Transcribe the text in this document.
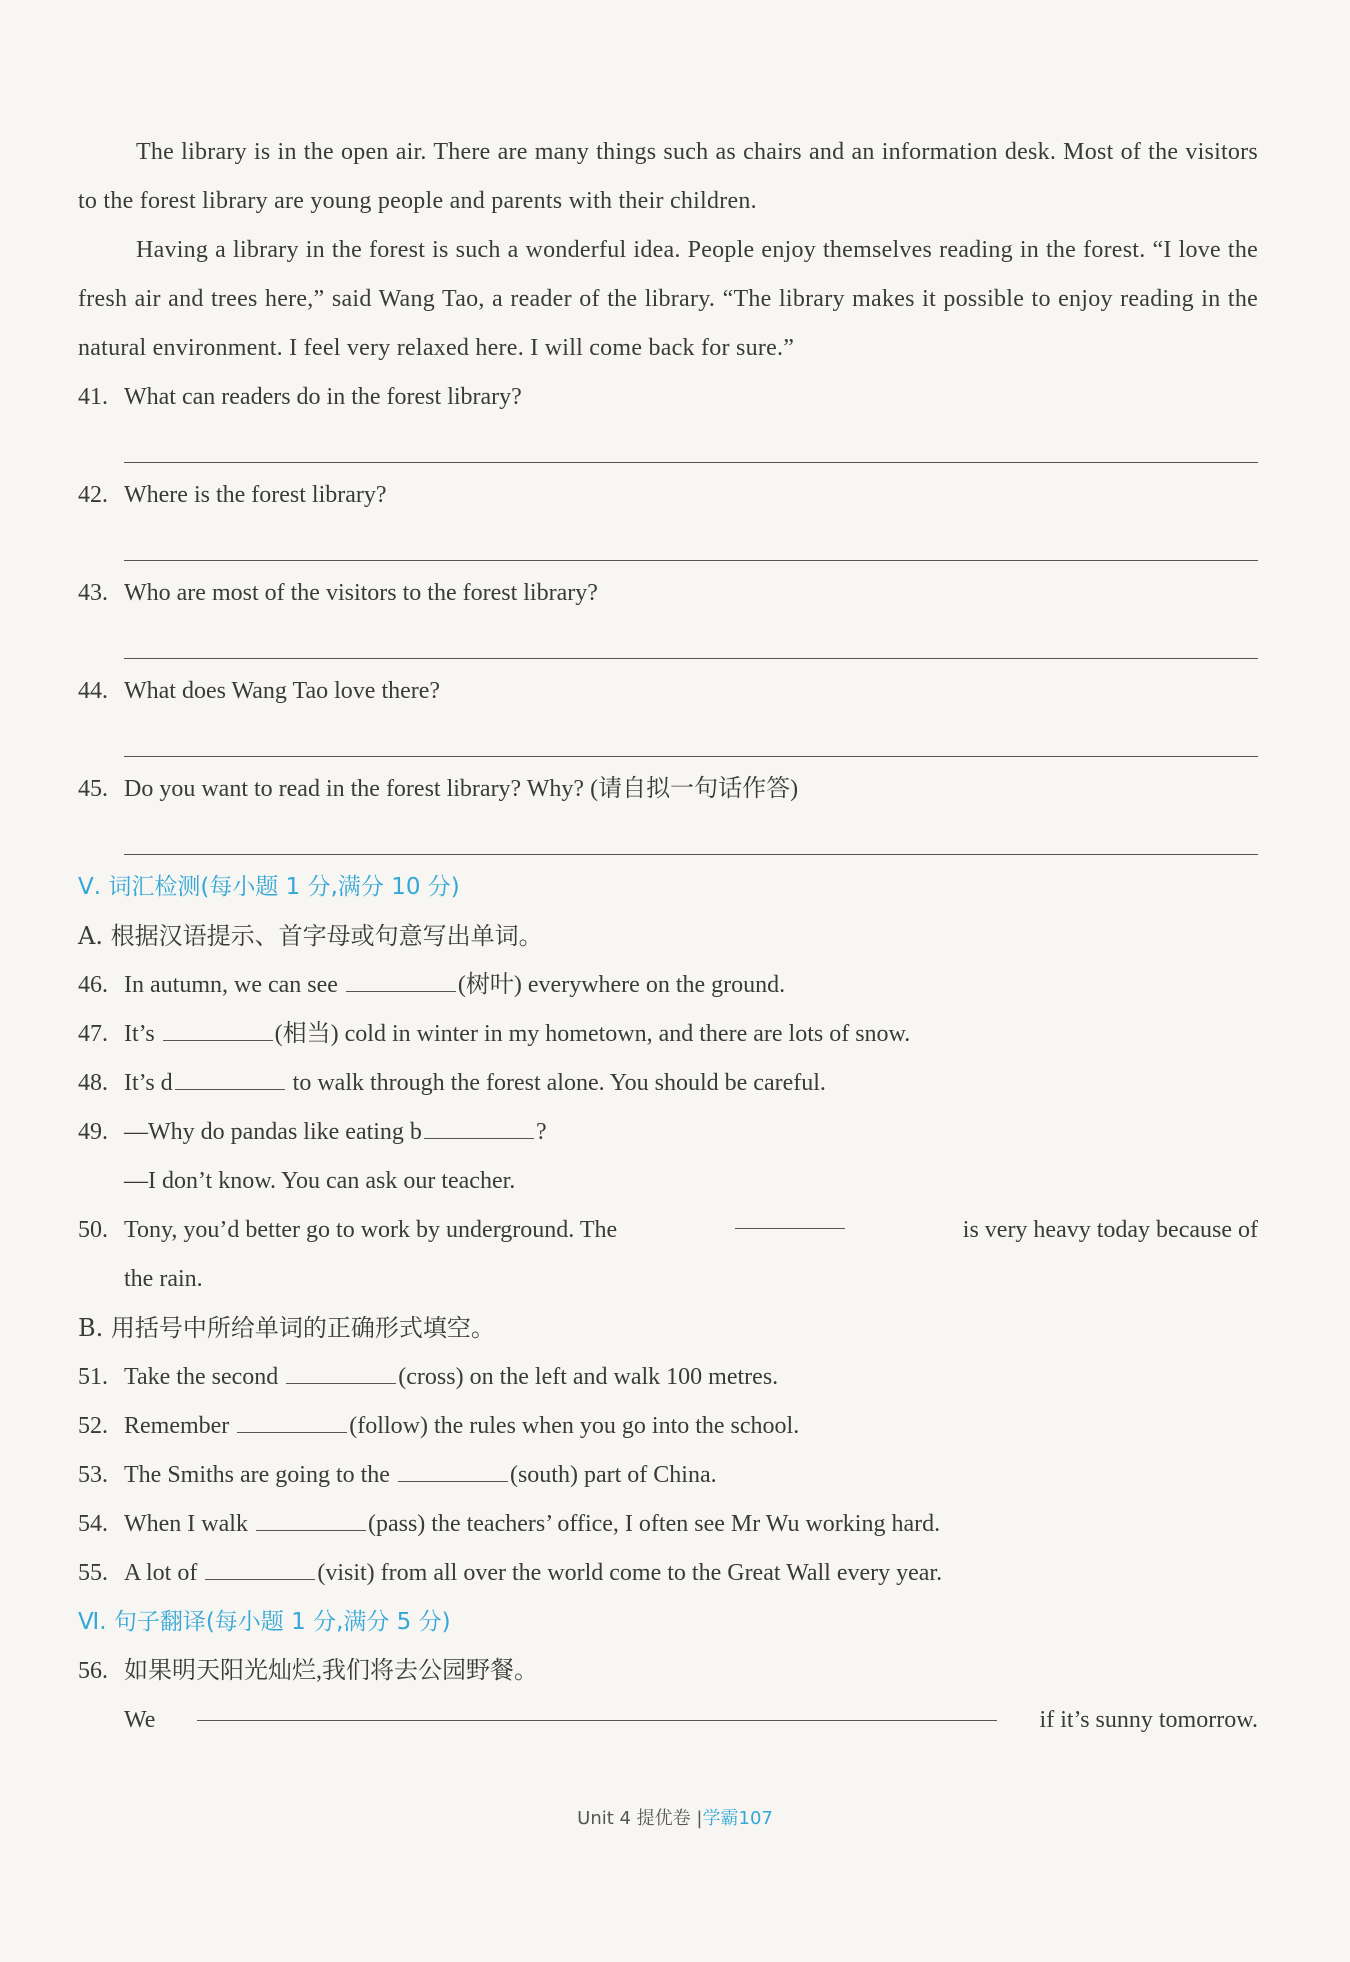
The library is in the open air. There are many things such as chairs and an information desk. Most of the visitors to the forest library are young people and parents with their children.

Having a library in the forest is such a wonderful idea. People enjoy themselves reading in the forest. “I love the fresh air and trees here,” said Wang Tao, a reader of the library. “The library makes it possible to enjoy reading in the natural environment. I feel very relaxed here. I will come back for sure.”

41. What can readers do in the forest library?

42. Where is the forest library?

43. Who are most of the visitors to the forest library?

44. What does Wang Tao love there?

45. Do you want to read in the forest library? Why? (请自拟一句话作答)

Ⅴ. 词汇检测(每小题 1 分,满分 10 分)

A. 根据汉语提示、首字母或句意写出单词。

46. In autumn, we can see	(树叶) everywhere on the ground.

47. It’s	(相当) cold in winter in my hometown, and there are lots of snow.

48. It’s d	to walk through the forest alone. You should be careful.

49. —Why do pandas like eating b	?

—I don’t know. You can ask our teacher.

50. Tony, you’d better go to work by underground. The	is very heavy today because of

the rain.

B. 用括号中所给单词的正确形式填空。

51. Take the second	(cross) on the left and walk 100 metres.

52. Remember	(follow) the rules when you go into the school.

53. The Smiths are going to the	(south) part of China.

54. When I walk	(pass) the teachers’ office, I often see Mr Wu working hard.

55. A lot of	(visit) from all over the world come to the Great Wall every year.

Ⅵ. 句子翻译(每小题 1 分,满分 5 分)

56. 如果明天阳光灿烂,我们将去公园野餐。

We	if it’s sunny tomorrow.

Unit 4 提优卷 |学霸107
